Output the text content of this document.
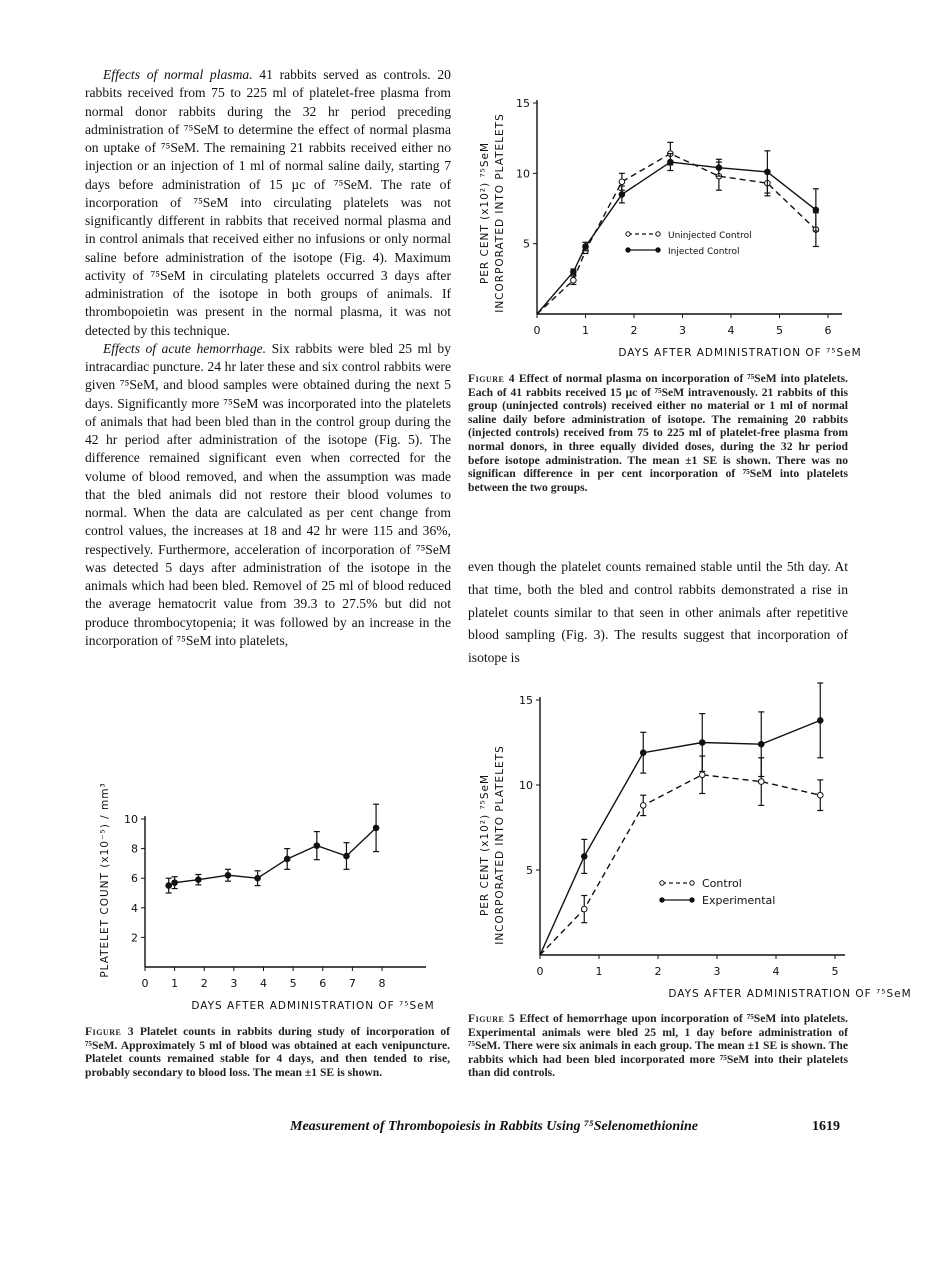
Effects of normal plasma. 41 rabbits served as controls. 20 rabbits received from 75 to 225 ml of platelet-free plasma from normal donor rabbits during the 32 hr period preceding administration of ⁷⁵SeM to determine the effect of normal plasma on uptake of ⁷⁵SeM. The remaining 21 rabbits received either no injection or an injection of 1 ml of normal saline daily, starting 7 days before administration of 15 µc of ⁷⁵SeM. The rate of incorporation of ⁷⁵SeM into circulating platelets was not significantly different in rabbits that received normal plasma and in control animals that received either no infusions or only normal saline before administration of the isotope (Fig. 4). Maximum activity of ⁷⁵SeM in circulating platelets occurred 3 days after administration of the isotope in both groups of animals. If thrombopoietin was present in the normal plasma, it was not detected by this technique.

Effects of acute hemorrhage. Six rabbits were bled 25 ml by intracardiac puncture. 24 hr later these and six control rabbits were given ⁷⁵SeM, and blood samples were obtained during the next 5 days. Significantly more ⁷⁵SeM was incorporated into the platelets of animals that had been bled than in the control group during the 42 hr period after administration of the isotope (Fig. 5). The difference remained significant even when corrected for the volume of blood removed, and when the assumption was made that the bled animals did not restore their blood volumes to normal. When the data are calculated as per cent change from control values, the increases at 18 and 42 hr were 115 and 36%, respectively. Furthermore, acceleration of incorporation of ⁷⁵SeM was detected 5 days after administration of the isotope in the animals which had been bled. Removel of 25 ml of blood reduced the average hematocrit value from 39.3 to 27.5% but did not produce thrombocytopenia; it was followed by an increase in the incorporation of ⁷⁵SeM into platelets,

0	1	2	3	4	5	6
5
10
15
DAYS AFTER ADMINISTRATION OF ⁷⁵SeM
PER CENT (x10²) ⁷⁵SeM INCORPORATED INTO PLATELETS	Uninjected Control
Injected Control
Figure 4 Effect of normal plasma on incorporation of ⁷⁵SeM into platelets. Each of 41 rabbits received 15 µc of ⁷⁵SeM intravenously. 21 rabbits of this group (uninjected controls) received either no material or 1 ml of normal saline daily before administration of isotope. The remaining 20 rabbits (injected controls) received from 75 to 225 ml of platelet-free plasma from normal donors, in three equally divided doses, during the 32 hr period before isotope administration. The mean ±1 SE is shown. There was no significan difference in per cent incorporation of ⁷⁵SeM into platelets between the two groups.
even though the platelet counts remained stable until the 5th day. At that time, both the bled and control rabbits demonstrated a rise in platelet counts similar to that seen in other animals after repetitive blood sampling (Fig. 3). The results suggest that incorporation of isotope is
0	1	2	3	4	5
5
10
15
DAYS AFTER ADMINISTRATION OF ⁷⁵SeM
PER CENT (x10²) ⁷⁵SeM INCORPORATED INTO PLATELETS	Control
Experimental
Figure 5 Effect of hemorrhage upon incorporation of ⁷⁵SeM into platelets. Experimental animals were bled 25 ml, 1 day before administration of ⁷⁵SeM. There were six animals in each group. The mean ±1 SE is shown. The rabbits which had been bled incorporated more ⁷⁵SeM into their platelets than did controls.
0 1 2 3 4 5 6 7 8
2
4
6
8
10
DAYS AFTER ADMINISTRATION OF ⁷⁵SeM
PLATELET COUNT (x10⁻⁵) / mm³
Figure 3 Platelet counts in rabbits during study of incorporation of ⁷⁵SeM. Approximately 5 ml of blood was obtained at each venipuncture. Platelet counts remained stable for 4 days, and then tended to rise, probably secondary to blood loss. The mean ±1 SE is shown.
Measurement of Thrombopoiesis in Rabbits Using ⁷⁵Selenomethionine	1619
